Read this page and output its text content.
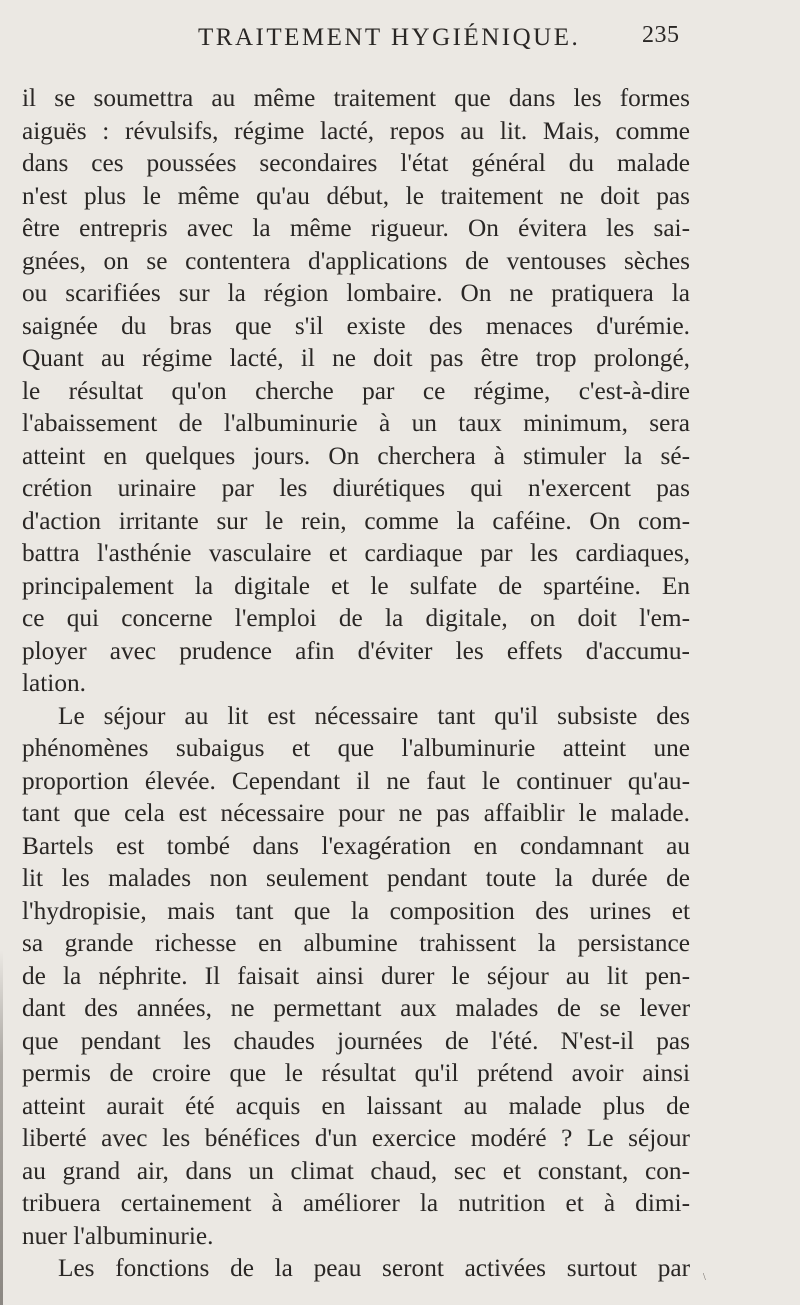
TRAITEMENT HYGIÉNIQUE.	235
il se soumettra au même traitement que dans les formes
aiguës : révulsifs, régime lacté, repos au lit. Mais, comme
dans ces poussées secondaires l'état général du malade
n'est plus le même qu'au début, le traitement ne doit pas
être entrepris avec la même rigueur. On évitera les sai-
gnées, on se contentera d'applications de ventouses sèches
ou scarifiées sur la région lombaire. On ne pratiquera la
saignée du bras que s'il existe des menaces d'urémie.
Quant au régime lacté, il ne doit pas être trop prolongé,
le résultat qu'on cherche par ce régime, c'est-à-dire
l'abaissement de l'albuminurie à un taux minimum, sera
atteint en quelques jours. On cherchera à stimuler la sé-
crétion urinaire par les diurétiques qui n'exercent pas
d'action irritante sur le rein, comme la caféine. On com-
battra l'asthénie vasculaire et cardiaque par les cardiaques,
principalement la digitale et le sulfate de spartéine. En
ce qui concerne l'emploi de la digitale, on doit l'em-
ployer avec prudence afin d'éviter les effets d'accumu-
lation.
Le séjour au lit est nécessaire tant qu'il subsiste des
phénomènes subaigus et que l'albuminurie atteint une
proportion élevée. Cependant il ne faut le continuer qu'au-
tant que cela est nécessaire pour ne pas affaiblir le malade.
Bartels est tombé dans l'exagération en condamnant au
lit les malades non seulement pendant toute la durée de
l'hydropisie, mais tant que la composition des urines et
sa grande richesse en albumine trahissent la persistance
de la néphrite. Il faisait ainsi durer le séjour au lit pen-
dant des années, ne permettant aux malades de se lever
que pendant les chaudes journées de l'été. N'est-il pas
permis de croire que le résultat qu'il prétend avoir ainsi
atteint aurait été acquis en laissant au malade plus de
liberté avec les bénéfices d'un exercice modéré ? Le séjour
au grand air, dans un climat chaud, sec et constant, con-
tribuera certainement à améliorer la nutrition et à dimi-
nuer l'albuminurie.
Les fonctions de la peau seront activées surtout par \
